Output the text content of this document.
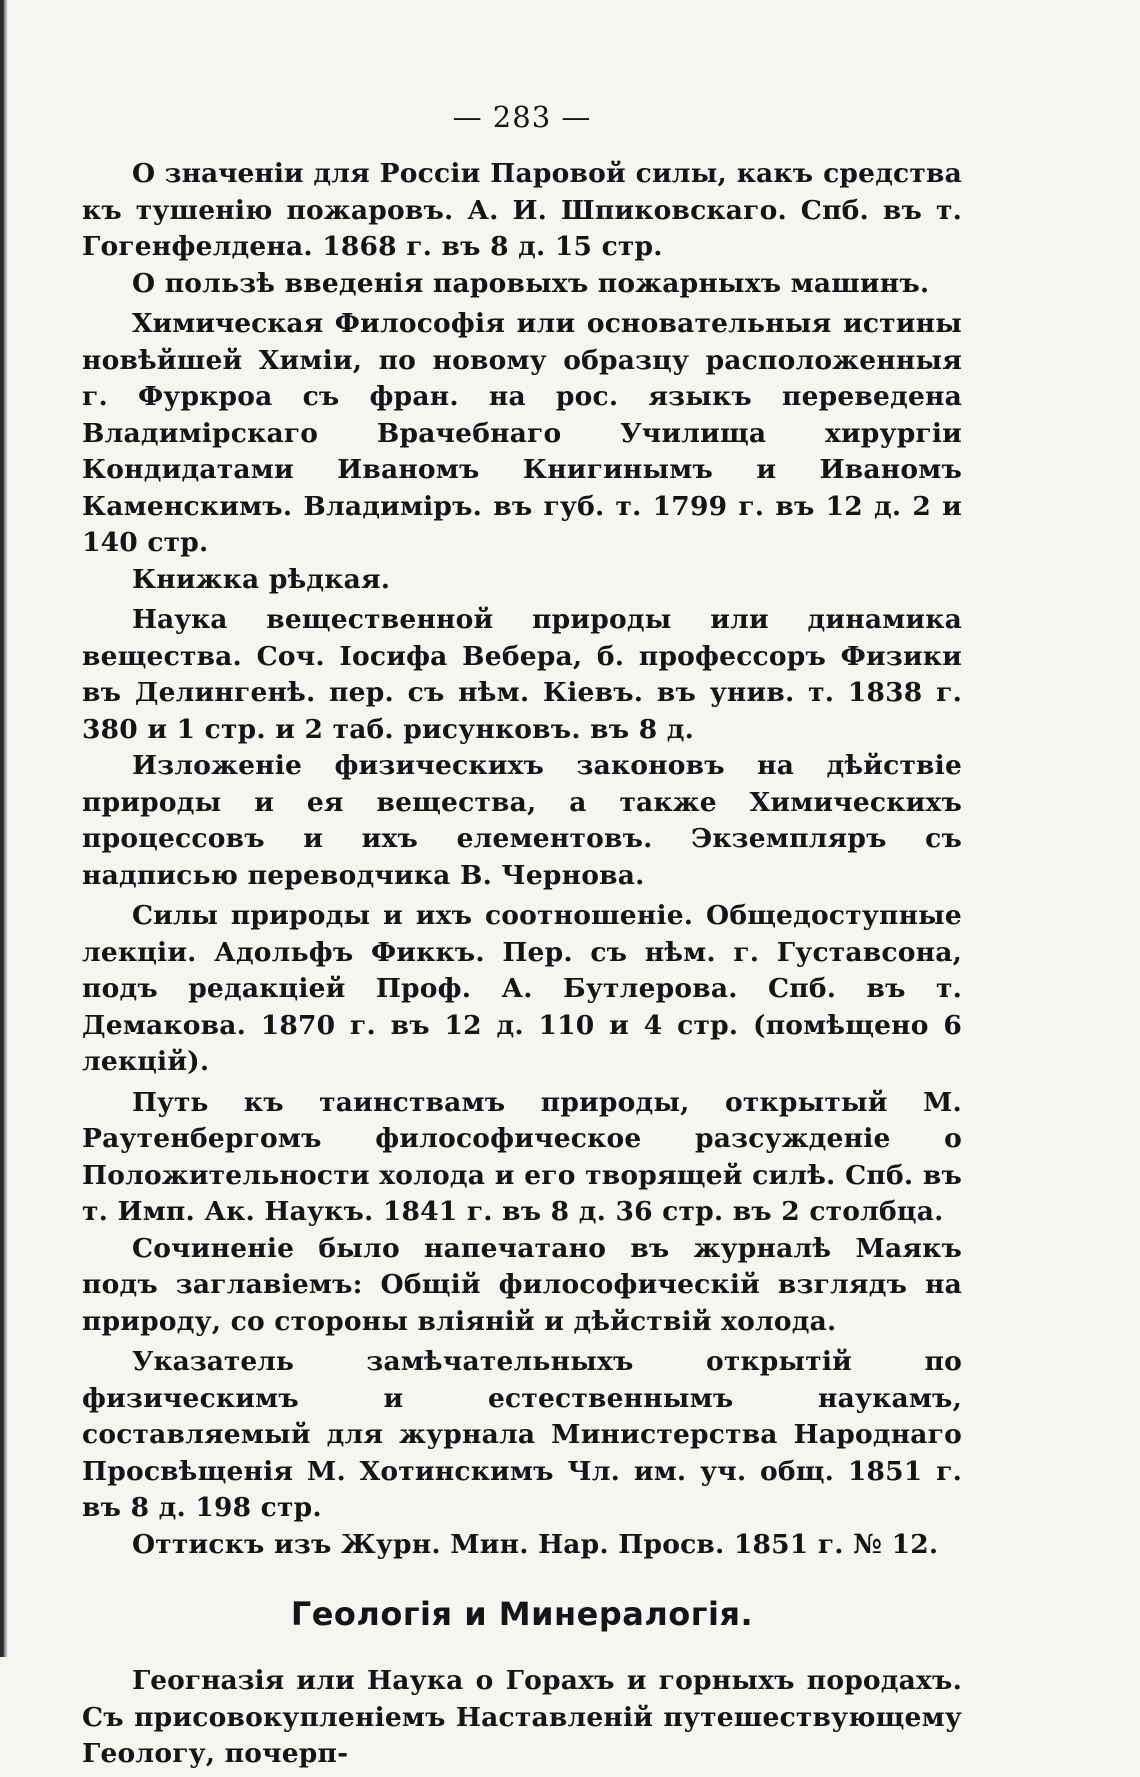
— 283 —

О значеніи для Россіи Паровой силы, какъ средства къ тушенію пожаровъ. А. И. Шпиковскаго. Спб. въ т. Гогенфелдена. 1868 г. въ 8 д. 15 стр.

О пользѣ введенія паровыхъ пожарныхъ машинъ.

Химическая Философія или основательныя истины новѣйшей Химіи, по новому образцу расположенныя г. Фуркроа съ фран. на рос. языкъ переведена Владимірскаго Врачебнаго Училища хирургіи Кондидатами Иваномъ Книгинымъ и Иваномъ Каменскимъ. Владиміръ. въ губ. т. 1799 г. въ 12 д. 2 и 140 стр.

Книжка рѣдкая.

Наука вещественной природы или динамика вещества. Соч. Іосифа Вебера, б. профессоръ Физики въ Делингенѣ. пер. съ нѣм. Кіевъ. въ унив. т. 1838 г. 380 и 1 стр. и 2 таб. рисунковъ. въ 8 д.

Изложеніе физическихъ законовъ на дѣйствіе природы и ея вещества, а также Химическихъ процессовъ и ихъ елементовъ. Экземпляръ съ надписью переводчика В. Чернова.

Силы природы и ихъ соотношеніе. Общедоступные лекціи. Адольфъ Фиккъ. Пер. съ нѣм. г. Густавсона, подъ редакціей Проф. А. Бутлерова. Спб. въ т. Демакова. 1870 г. въ 12 д. 110 и 4 стр. (помѣщено 6 лекцій).

Путь къ таинствамъ природы, открытый М. Раутенбергомъ философическое разсужденіе о Положительности холода и его творящей силѣ. Спб. въ т. Имп. Ак. Наукъ. 1841 г. въ 8 д. 36 стр. въ 2 столбца.

Сочиненіе было напечатано въ журналѣ Маякъ подъ заглавіемъ: Общій философическій взглядъ на природу, со стороны вліяній и дѣйствій холода.

Указатель замѣчательныхъ открытій по физическимъ и естественнымъ наукамъ, составляемый для журнала Министерства Народнаго Просвѣщенія М. Хотинскимъ Чл. им. уч. общ. 1851 г. въ 8 д. 198 стр.

Оттискъ изъ Журн. Мин. Нар. Просв. 1851 г. № 12.

Геологія и Минералогія.

Геогназія или Наука о Горахъ и горныхъ породахъ. Съ присовокупленіемъ Наставленій путешествующему Геологу, почерп-
